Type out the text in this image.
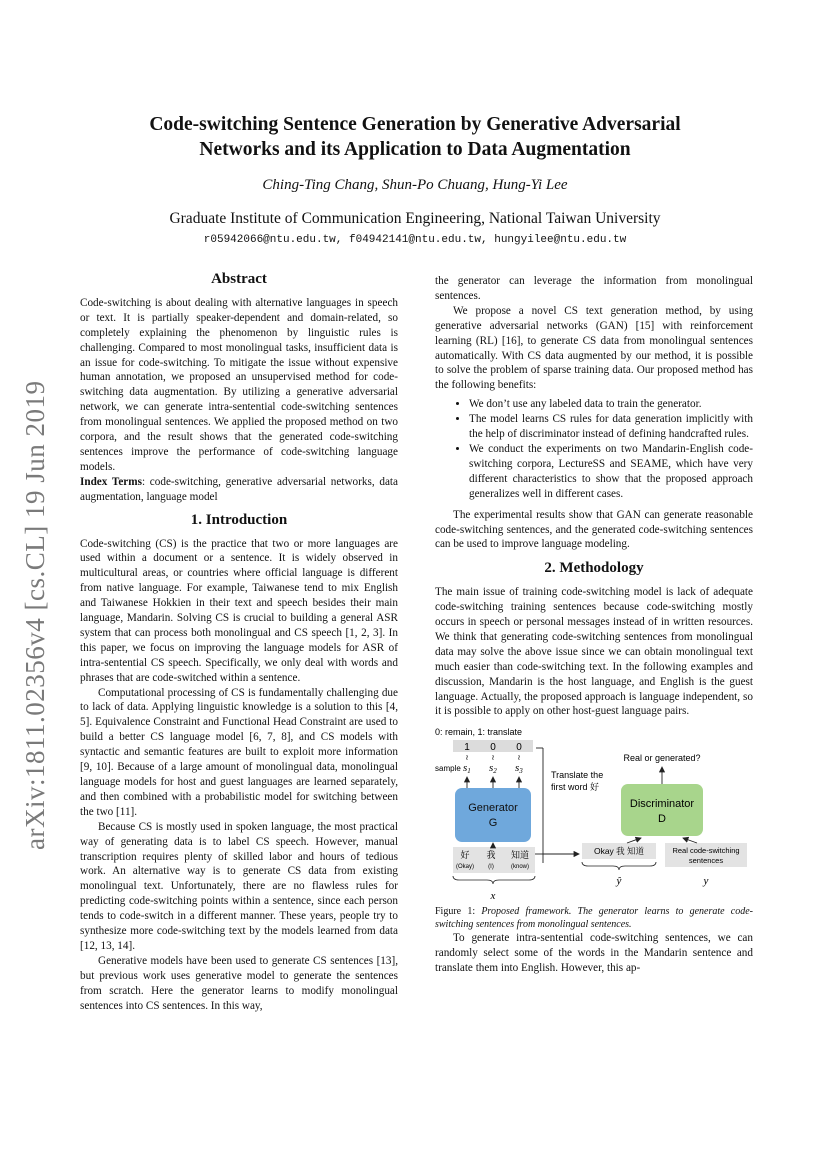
arXiv:1811.02356v4 [cs.CL] 19 Jun 2019
Code-switching Sentence Generation by Generative Adversarial
Networks and its Application to Data Augmentation
Ching-Ting Chang, Shun-Po Chuang, Hung-Yi Lee
Graduate Institute of Communication Engineering, National Taiwan University
r05942066@ntu.edu.tw, f04942141@ntu.edu.tw, hungyilee@ntu.edu.tw
Abstract

Code-switching is about dealing with alternative languages in speech or text. It is partially speaker-dependent and domain-related, so completely explaining the phenomenon by linguistic rules is challenging. Compared to most monolingual tasks, insufficient data is an issue for code-switching. To mitigate the issue without expensive human annotation, we proposed an unsupervised method for code-switching data augmentation. By utilizing a generative adversarial network, we can generate intra-sentential code-switching sentences from monolingual sentences. We applied the proposed method on two corpora, and the result shows that the generated code-switching sentences improve the performance of code-switching language models.

Index Terms: code-switching, generative adversarial networks, data augmentation, language model

1. Introduction

Code-switching (CS) is the practice that two or more languages are used within a document or a sentence. It is widely observed in multicultural areas, or countries where official language is different from native language. For example, Taiwanese tend to mix English and Taiwanese Hokkien in their text and speech besides their main language, Mandarin. Solving CS is crucial to building a general ASR system that can process both monolingual and CS speech [1, 2, 3]. In this paper, we focus on improving the language models for ASR of intra-sentential CS speech. Specifically, we only deal with words and phrases that are code-switched within a sentence.

Computational processing of CS is fundamentally challenging due to lack of data. Applying linguistic knowledge is a solution to this [4, 5]. Equivalence Constraint and Functional Head Constraint are used to build a better CS language model [6, 7, 8], and CS models with syntactic and semantic features are built to exploit more information [9, 10]. Because of a large amount of monolingual data, monolingual language models for host and guest languages are learned separately, and then combined with a probabilistic model for switching between the two [11].

Because CS is mostly used in spoken language, the most practical way of generating data is to label CS speech. However, manual transcription requires plenty of skilled labor and hours of tedious work. An alternative way is to generate CS data from existing monolingual text. Unfortunately, there are no flawless rules for predicting code-switching points within a sentence, since each person tends to code-switch in a different manner. These years, people try to synthesize more code-switching text by the models learned from data [12, 13, 14].

Generative models have been used to generate CS sentences [13], but previous work uses generative model to generate the sentences from scratch. Here the generator learns to modify monolingual sentences into CS sentences. In this way,

the generator can leverage the information from monolingual sentences.

We propose a novel CS text generation method, by using generative adversarial networks (GAN) [15] with reinforcement learning (RL) [16], to generate CS data from monolingual sentences automatically. With CS data augmented by our method, it is possible to solve the problem of sparse training data. Our proposed method has the following benefits:

• We don’t use any labeled data to train the generator.
• The model learns CS rules for data generation implicitly with the help of discriminator instead of defining handcrafted rules.
• We conduct the experiments on two Mandarin-English code-switching corpora, LectureSS and SEAME, which have very different characteristics to show that the proposed approach generalizes well in different cases.

The experimental results show that GAN can generate reasonable code-switching sentences, and the generated code-switching sentences can be used to improve language modeling.

2. Methodology

The main issue of training code-switching model is lack of adequate code-switching training sentences because code-switching mostly occurs in speech or personal messages instead of in written resources. We think that generating code-switching sentences from monolingual data may solve the above issue since we can obtain monolingual text much easier than code-switching text. In the following examples and discussion, Mandarin is the host language, and English is the guest language. Actually, the proposed approach is language independent, so it is possible to apply on other host-guest language pairs.

0: remain, 1: translate
1 0 0
≀	≀	≀
sample s1 s2 s3
Generator
G
Translate the
first word 好
好
(Okay)
我
(I)
知道
(know)
x
Okay 我 知道
ŷ
Real code-switching
sentences
y
Discriminator
D
Real or generated?

Figure 1: Proposed framework. The generator learns to generate code-switching sentences from monolingual sentences.

To generate intra-sentential code-switching sentences, we can randomly select some of the words in the Mandarin sentence and translate them into English. However, this ap-
